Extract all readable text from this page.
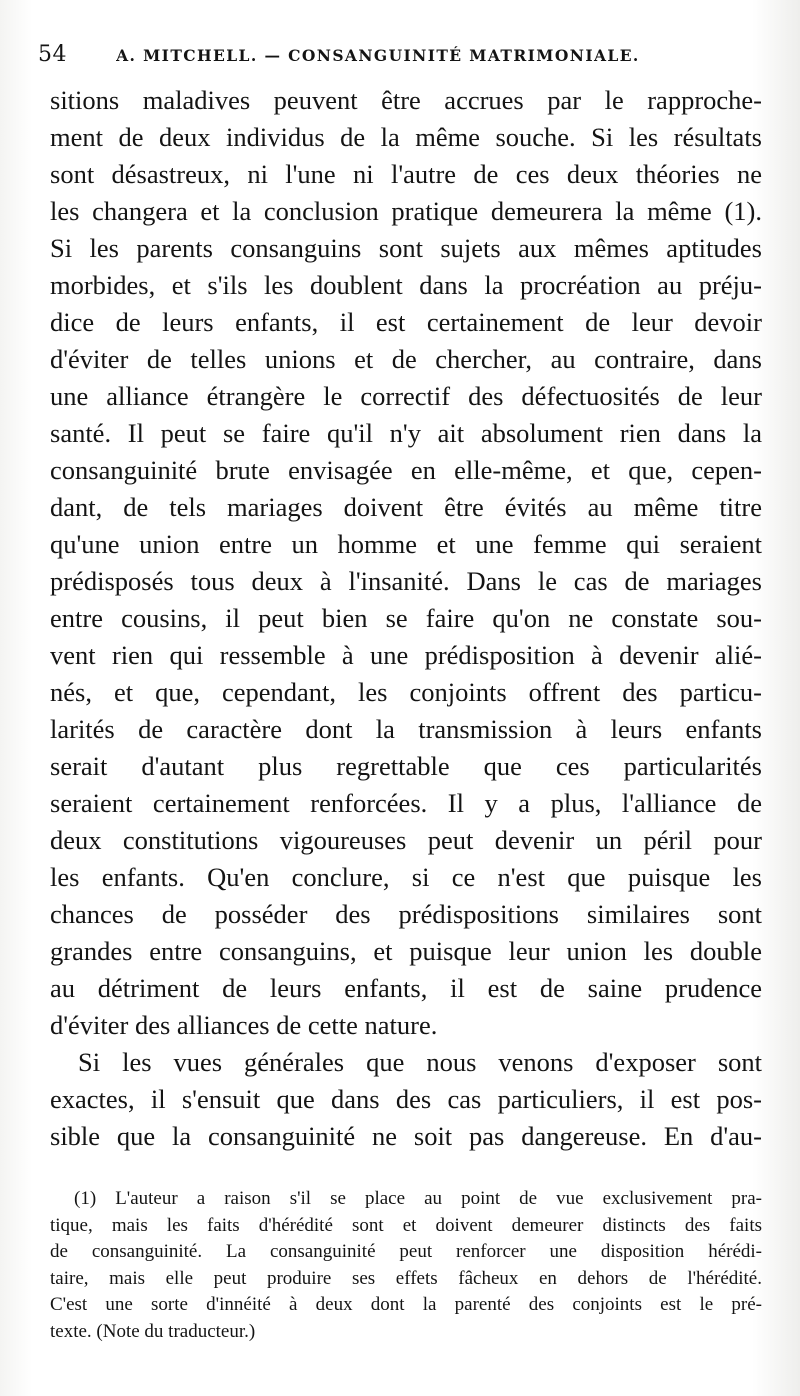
54	A. MITCHELL. — CONSANGUINITÉ MATRIMONIALE.
sitions maladives peuvent être accrues par le rapproche-
ment de deux individus de la même souche. Si les résultats
sont désastreux, ni l'une ni l'autre de ces deux théories ne
les changera et la conclusion pratique demeurera la même (1).
Si les parents consanguins sont sujets aux mêmes aptitudes
morbides, et s'ils les doublent dans la procréation au préju-
dice de leurs enfants, il est certainement de leur devoir
d'éviter de telles unions et de chercher, au contraire, dans
une alliance étrangère le correctif des défectuosités de leur
santé. Il peut se faire qu'il n'y ait absolument rien dans la
consanguinité brute envisagée en elle-même, et que, cepen-
dant, de tels mariages doivent être évités au même titre
qu'une union entre un homme et une femme qui seraient
prédisposés tous deux à l'insanité. Dans le cas de mariages
entre cousins, il peut bien se faire qu'on ne constate sou-
vent rien qui ressemble à une prédisposition à devenir alié-
nés, et que, cependant, les conjoints offrent des particu-
larités de caractère dont la transmission à leurs enfants
serait d'autant plus regrettable que ces particularités
seraient certainement renforcées. Il y a plus, l'alliance de
deux constitutions vigoureuses peut devenir un péril pour
les enfants. Qu'en conclure, si ce n'est que puisque les
chances de posséder des prédispositions similaires sont
grandes entre consanguins, et puisque leur union les double
au détriment de leurs enfants, il est de saine prudence
d'éviter des alliances de cette nature.
Si les vues générales que nous venons d'exposer sont
exactes, il s'ensuit que dans des cas particuliers, il est pos-
sible que la consanguinité ne soit pas dangereuse. En d'au-
(1) L'auteur a raison s'il se place au point de vue exclusivement pra-
tique, mais les faits d'hérédité sont et doivent demeurer distincts des faits
de consanguinité. La consanguinité peut renforcer une disposition hérédi-
taire, mais elle peut produire ses effets fâcheux en dehors de l'hérédité.
C'est une sorte d'innéité à deux dont la parenté des conjoints est le pré-
texte. (Note du traducteur.)
